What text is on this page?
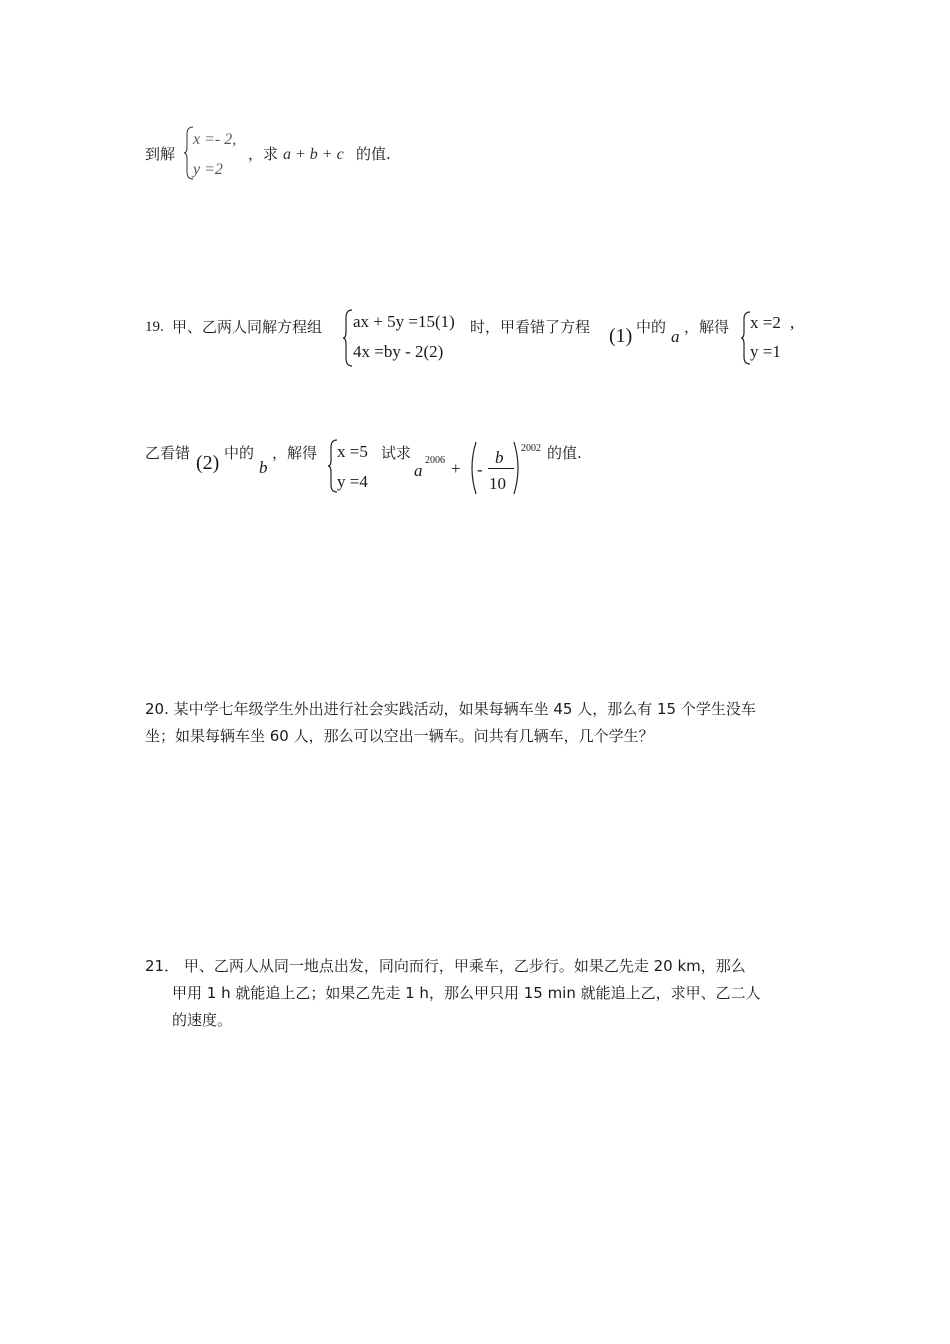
到解
x =- 2,
y =2
，求 a + b + c 的值.
19. 甲、乙两人同解方程组 ax + 5y =15(1)
4x =by - 2(2)
时，甲看错了方程 (1) 中的 a ，解得 x =2 ,
y =1
乙看错 (2) 中的
b
，解得 x =5
y =4
试求
a
2006 + -
b
10
2002 的值.
20. 某中学七年级学生外出进行社会实践活动，如果每辆车坐 45 人，那么有 15 个学生没车
坐；如果每辆车坐 60 人，那么可以空出一辆车。问共有几辆车，几个学生？
21． 甲、乙两人从同一地点出发，同向而行，甲乘车，乙步行。如果乙先走 20 km，那么
甲用 1 h 就能追上乙；如果乙先走 1 h，那么甲只用 15 min 就能追上乙，求甲、乙二人
的速度。
